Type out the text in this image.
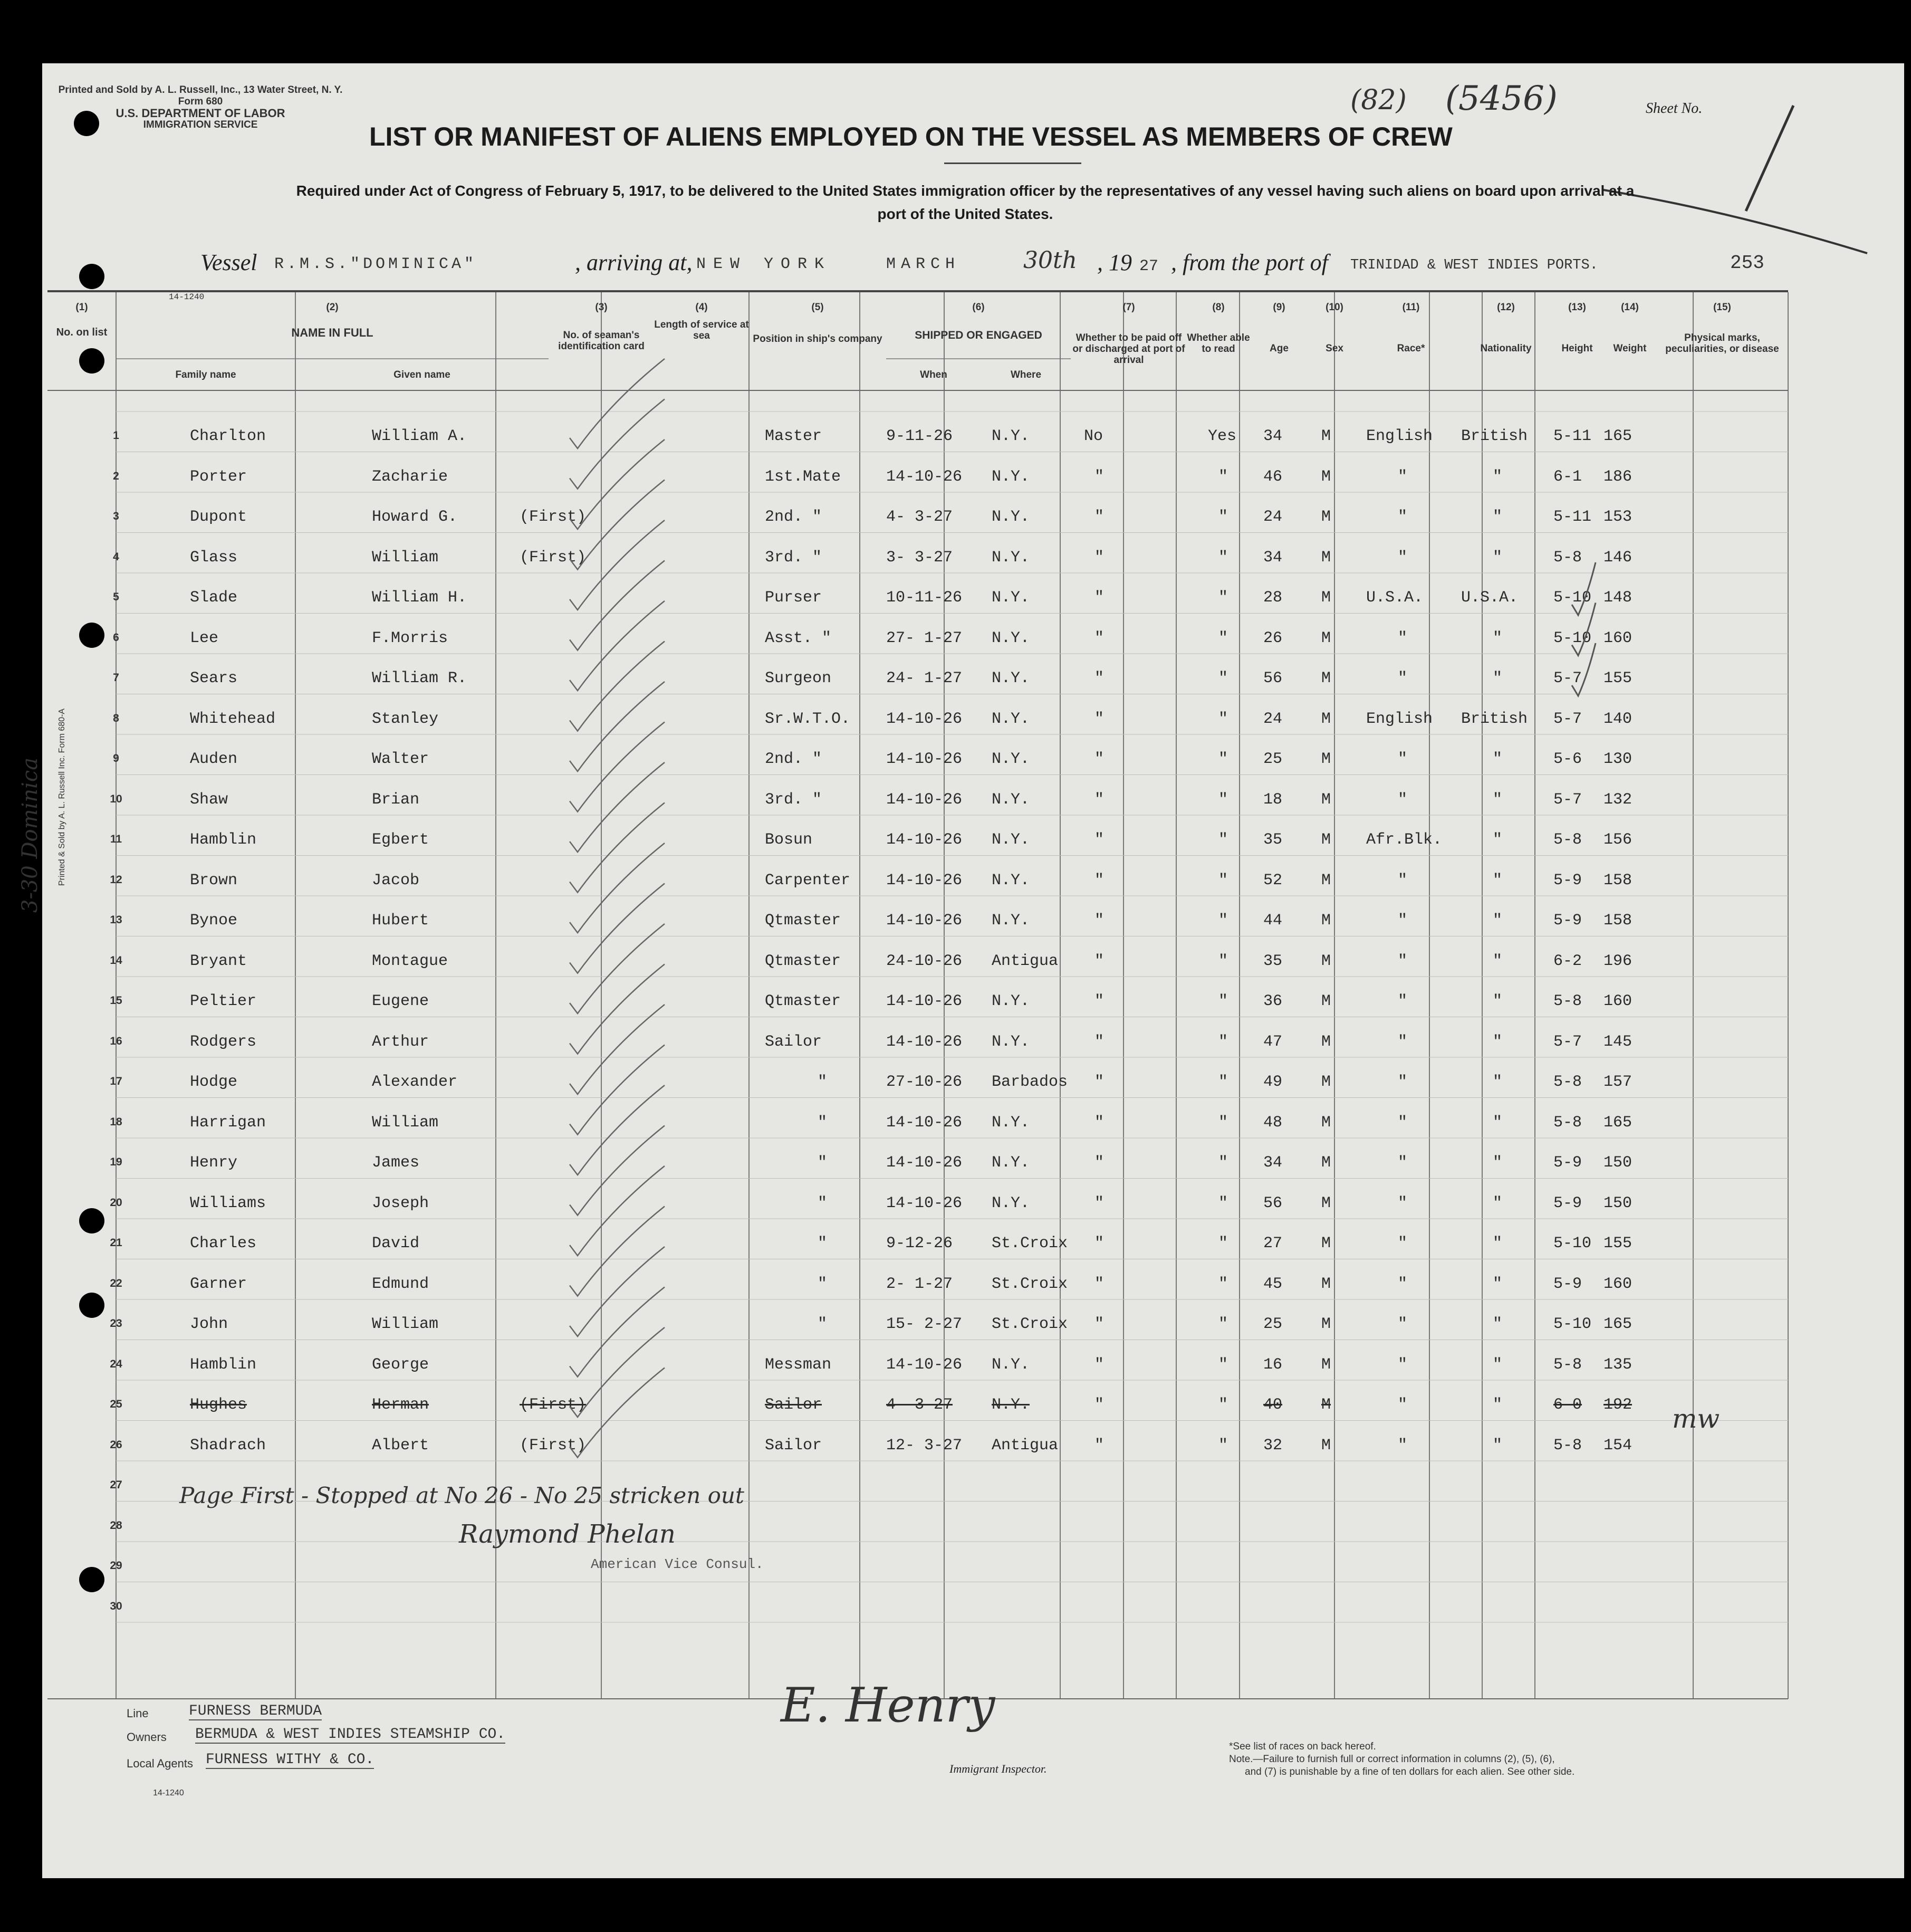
Printed and Sold by A. L. Russell, Inc., 13 Water Street, N. Y.
Form 680
U.S. DEPARTMENT OF LABOR
IMMIGRATION SERVICE
(82) (5456)	Sheet No.
LIST OR MANIFEST OF ALIENS EMPLOYED ON THE VESSEL AS MEMBERS OF CREW
Required under Act of Congress of February 5, 1917, to be delivered to the United States immigration officer by the representatives of any vessel having such aliens on board upon arrival at a
port of the United States.
Vessel R.M.S."DOMINICA"	, arriving at, NEW YORK	MARCH	30th , 19 27 , from the port of TRINIDAD & WEST INDIES PORTS.	253
14-1240
(1)	(2)	(3)	(4)	(5)	(6)	(7)	(8)	(9)	(10)	(11)	(12)	(13)	(14)	(15)
No. on list	NAME IN FULL
Family name	Given name
No. of seaman's identification card
Length of service at sea	Position in ship's company	SHIPPED OR ENGAGED
When	Where
Whether to be paid off or discharged at port of arrival
Whether able to read	Age	Sex	Race*	Nationality	Height	Weight
Physical marks, peculiarities, or disease
1	Charlton	William A.	Master	9-11-26 N.Y.	No	Yes 34 M English British 5-11 165
2	Porter	Zacharie	1st.Mate	14-10-26 N.Y.	"	" 46 M	"	"	6-1 186
3	Dupont	Howard G.	(First)	2nd. "	4- 3-27 N.Y.	"	" 24 M	"	"	5-11 153
4	Glass	William	(First)	3rd. "	3- 3-27 N.Y.	"	" 34 M	"	"	5-8 146
5	Slade	William H.	Purser	10-11-26 N.Y.	"	" 28 M U.S.A. U.S.A. 5-10 148
6	Lee	F.Morris	Asst. "	27- 1-27 N.Y.	"	" 26 M	"	"	5-10 160
7	Sears	William R.	Surgeon	24- 1-27 N.Y.	"	" 56 M	"	"	5-7 155
8	Whitehead	Stanley	Sr.W.T.O. 14-10-26 N.Y.	"	" 24 M English British 5-7 140
9	Auden	Walter	2nd. "	14-10-26 N.Y.	"	" 25 M	"	"	5-6 130
10	Shaw	Brian	3rd. "	14-10-26 N.Y.	"	" 18 M	"	"	5-7 132
11	Hamblin	Egbert	Bosun	14-10-26 N.Y.	"	" 35 M Afr.Blk.	"	5-8 156
12	Brown	Jacob	Carpenter 14-10-26 N.Y.	"	" 52 M	"	"	5-9 158
13	Bynoe	Hubert	Qtmaster	14-10-26 N.Y.	"	" 44 M	"	"	5-9 158
14	Bryant	Montague	Qtmaster	24-10-26 Antigua "	" 35 M	"	"	6-2 196
15	Peltier	Eugene	Qtmaster	14-10-26 N.Y.	"	" 36 M	"	"	5-8 160
16	Rodgers	Arthur	Sailor	14-10-26 N.Y.	"	" 47 M	"	"	5-7 145
17	Hodge	Alexander	"	27-10-26 Barbados "	" 49 M	"	"	5-8 157
18	Harrigan	William	"	14-10-26 N.Y.	"	" 48 M	"	"	5-8 165
19	Henry	James	"	14-10-26 N.Y.	"	" 34 M	"	"	5-9 150
20	Williams	Joseph	"	14-10-26 N.Y.	"	" 56 M	"	"	5-9 150
21	Charles	David	"	9-12-26 St.Croix "	" 27 M	"	"	5-10 155
22	Garner	Edmund	"	2- 1-27 St.Croix "	" 45 M	"	"	5-9 160
23	John	William	"	15- 2-27 St.Croix "	" 25 M	"	"	5-10 165
24	Hamblin	George	Messman	14-10-26 N.Y.	"	" 16 M	"	"	5-8 135
25	Hughes	Herman	(First)	Sailor	4- 3-27 N.Y.	"	" 40 M	"	"	6-0 192
26	Shadrach	Albert	(First)	Sailor	12- 3-27 Antigua "	" 32 M	"	"	5-8 154
27
28
29
30
Page First - Stopped at No 26 - No 25 stricken out
Raymond Phelan
American Vice Consul.
mw
Printed & Sold by A. L. Russell Inc. Form 680-A
3-30 Dominica
Line	FURNESS BERMUDA
Owners BERMUDA & WEST INDIES STEAMSHIP CO.
Local Agents FURNESS WITHY & CO.
14-1240
E. Henry
Immigrant Inspector.
*See list of races on back hereof.
Note.—Failure to furnish full or correct information in columns (2), (5), (6),
and (7) is punishable by a fine of ten dollars for each alien. See other side.
